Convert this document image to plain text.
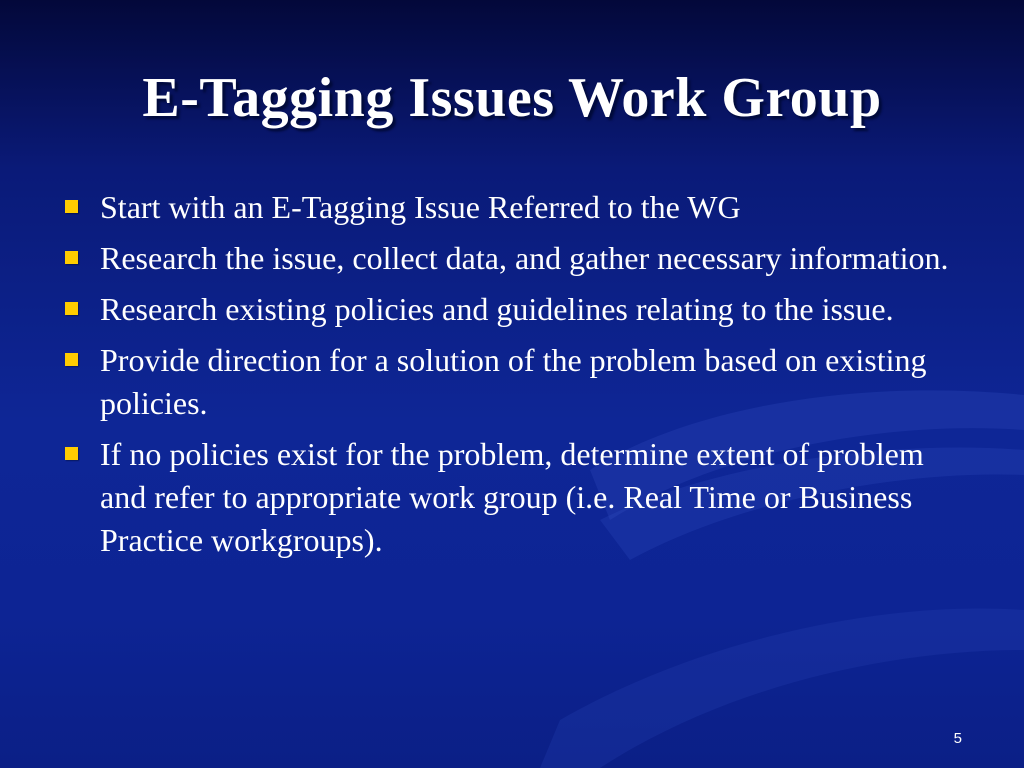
E-Tagging Issues Work Group
Start with an E-Tagging Issue Referred to the WG
Research the issue, collect data, and gather necessary information.
Research existing policies and guidelines relating to the issue.
Provide direction for a solution of the problem based on existing policies.
If no policies exist for the problem, determine extent of problem and refer to appropriate work group (i.e. Real Time or Business Practice workgroups).
5
